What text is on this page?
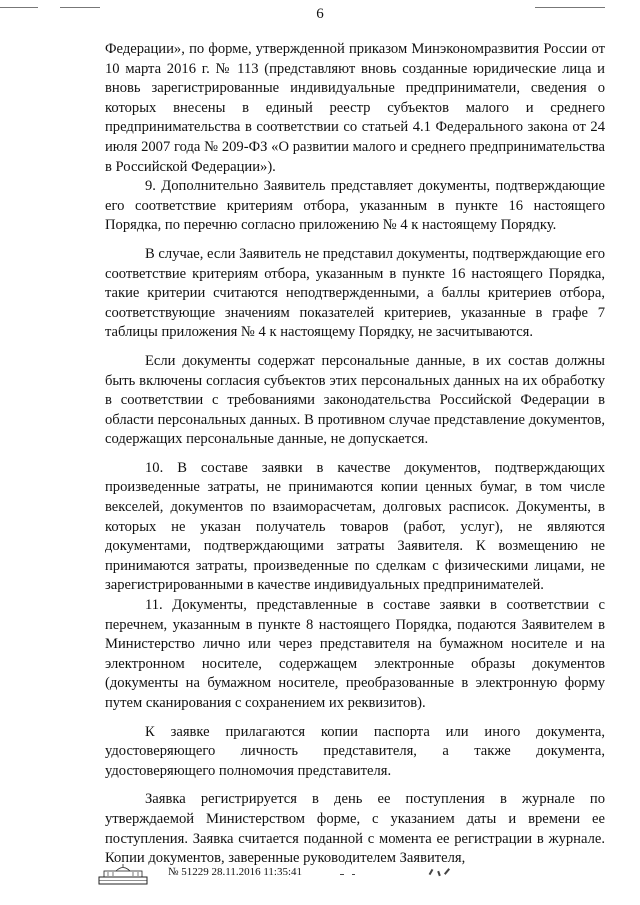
6

Федерации», по форме, утвержденной приказом Минэкономразвития России от 10 марта 2016 г. № 113 (представляют вновь созданные юридические лица и вновь зарегистрированные индивидуальные предприниматели, сведения о которых внесены в единый реестр субъектов малого и среднего предпринимательства в соответствии со статьей 4.1 Федерального закона от 24 июля 2007 года № 209-ФЗ «О развитии малого и среднего предпринимательства в Российской Федерации»).

9. Дополнительно Заявитель представляет документы, подтверждающие его соответствие критериям отбора, указанным в пункте 16 настоящего Порядка, по перечню согласно приложению № 4 к настоящему Порядку.

В случае, если Заявитель не представил документы, подтверждающие его соответствие критериям отбора, указанным в пункте 16 настоящего Порядка, такие критерии считаются неподтвержденными, а баллы критериев отбора, соответствующие значениям показателей критериев, указанные в графе 7 таблицы приложения № 4 к настоящему Порядку, не засчитываются.

Если документы содержат персональные данные, в их состав должны быть включены согласия субъектов этих персональных данных на их обработку в соответствии с требованиями законодательства Российской Федерации в области персональных данных. В противном случае представление документов, содержащих персональные данные, не допускается.

10. В составе заявки в качестве документов, подтверждающих произведенные затраты, не принимаются копии ценных бумаг, в том числе векселей, документов по взаиморасчетам, долговых расписок. Документы, в которых не указан получатель товаров (работ, услуг), не являются документами, подтверждающими затраты Заявителя. К возмещению не принимаются затраты, произведенные по сделкам с физическими лицами, не зарегистрированными в качестве индивидуальных предпринимателей.

11. Документы, представленные в составе заявки в соответствии с перечнем, указанным в пункте 8 настоящего Порядка, подаются Заявителем в Министерство лично или через представителя на бумажном носителе и на электронном носителе, содержащем электронные образы документов (документы на бумажном носителе, преобразованные в электронную форму путем сканирования с сохранением их реквизитов).

К заявке прилагаются копии паспорта или иного документа, удостоверяющего личность представителя, а также документа, удостоверяющего полномочия представителя.

Заявка регистрируется в день ее поступления в журнале по утверждаемой Министерством форме, с указанием даты и времени ее поступления. Заявка считается поданной с момента ее регистрации в журнале. Копии документов, заверенные руководителем Заявителя,

№ 51229 28.11.2016 11:35:41
